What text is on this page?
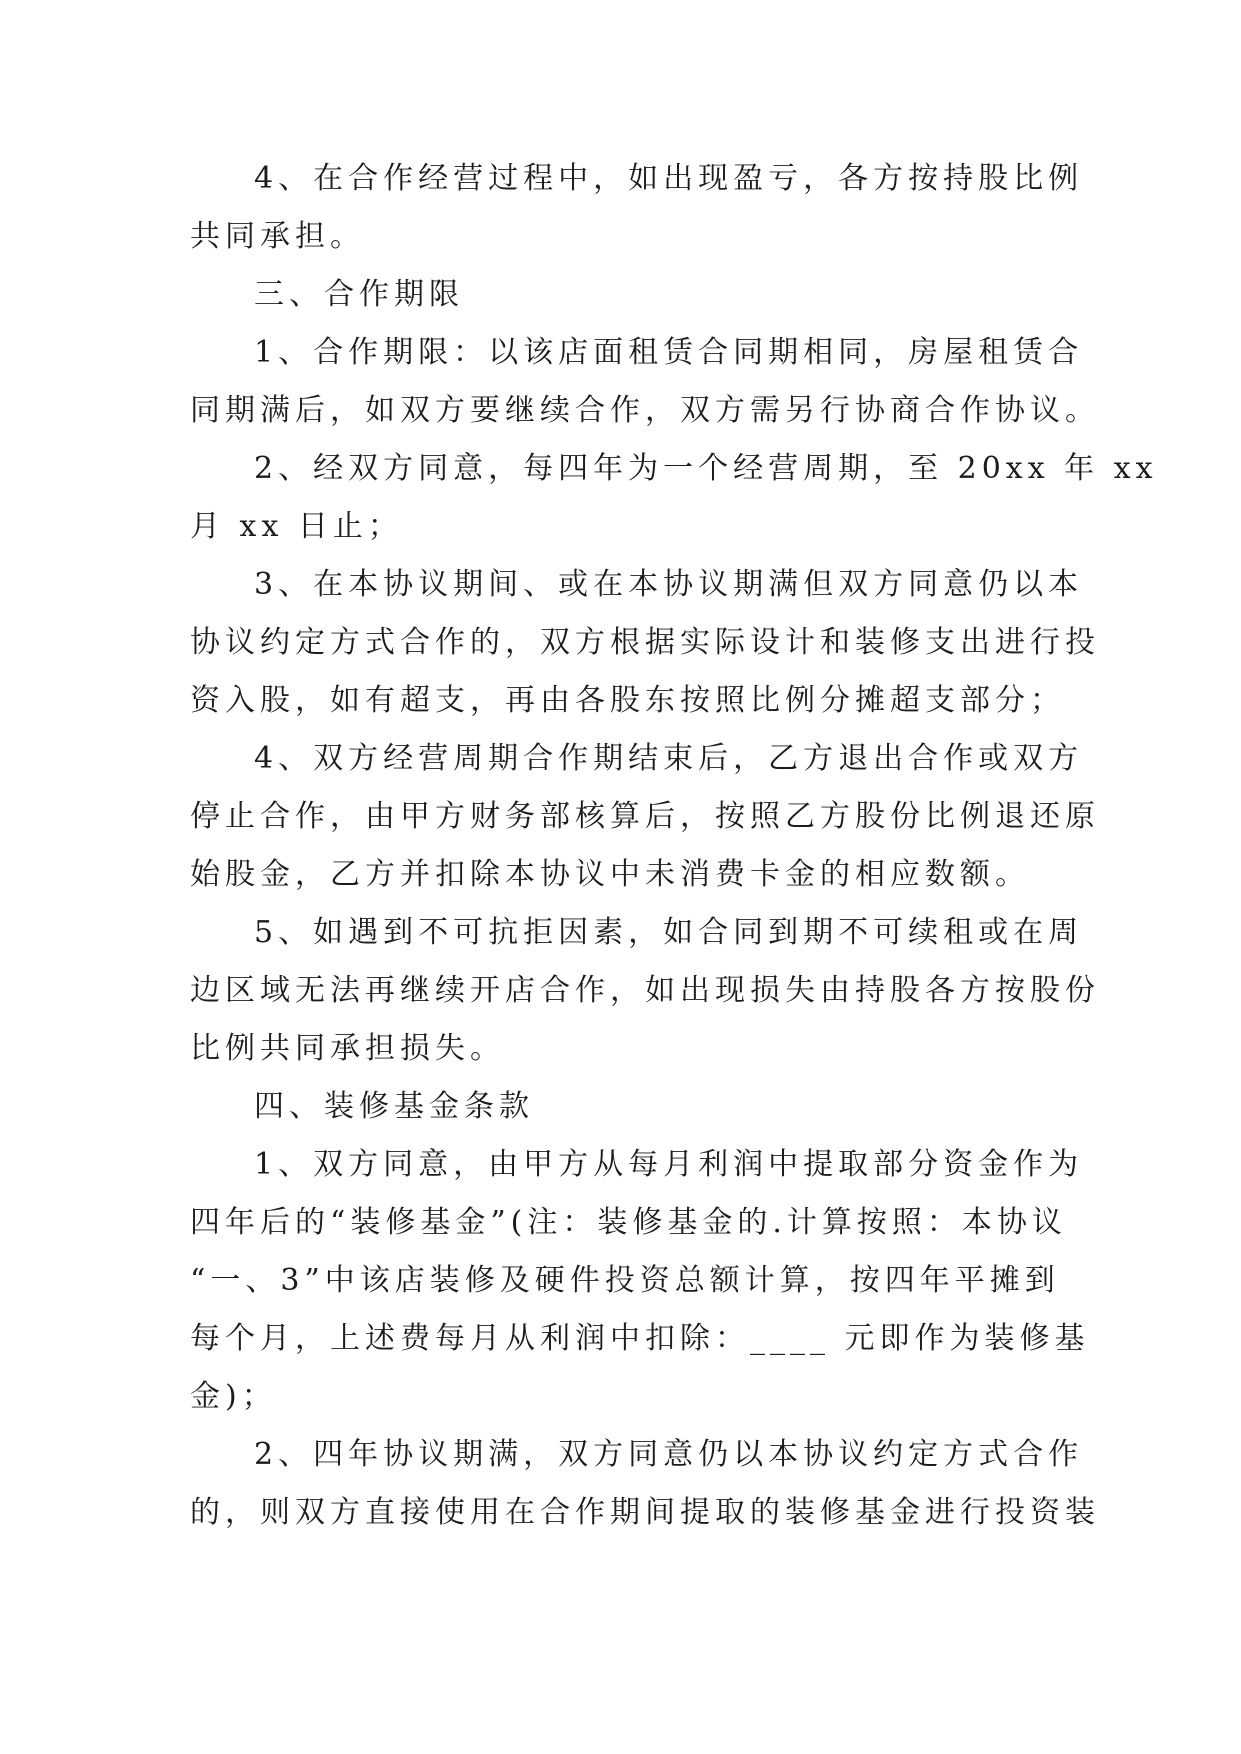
4、在合作经营过程中，如出现盈亏，各方按持股比例
共同承担。
三、合作期限
1、合作期限：以该店面租赁合同期相同，房屋租赁合
同期满后，如双方要继续合作，双方需另行协商合作协议。
2、经双方同意，每四年为一个经营周期，至 20xx 年 xx
月 xx 日止；
3、在本协议期间、或在本协议期满但双方同意仍以本
协议约定方式合作的，双方根据实际设计和装修支出进行投
资入股，如有超支，再由各股东按照比例分摊超支部分；
4、双方经营周期合作期结束后，乙方退出合作或双方
停止合作，由甲方财务部核算后，按照乙方股份比例退还原
始股金，乙方并扣除本协议中未消费卡金的相应数额。
5、如遇到不可抗拒因素，如合同到期不可续租或在周
边区域无法再继续开店合作，如出现损失由持股各方按股份
比例共同承担损失。
四、装修基金条款
1、双方同意，由甲方从每月利润中提取部分资金作为
四年后的“装修基金”(注：装修基金的.计算按照：本协议
“一、3”中该店装修及硬件投资总额计算，按四年平摊到
每个月，上述费每月从利润中扣除：____ 元即作为装修基
金)；
2、四年协议期满，双方同意仍以本协议约定方式合作
的，则双方直接使用在合作期间提取的装修基金进行投资装
